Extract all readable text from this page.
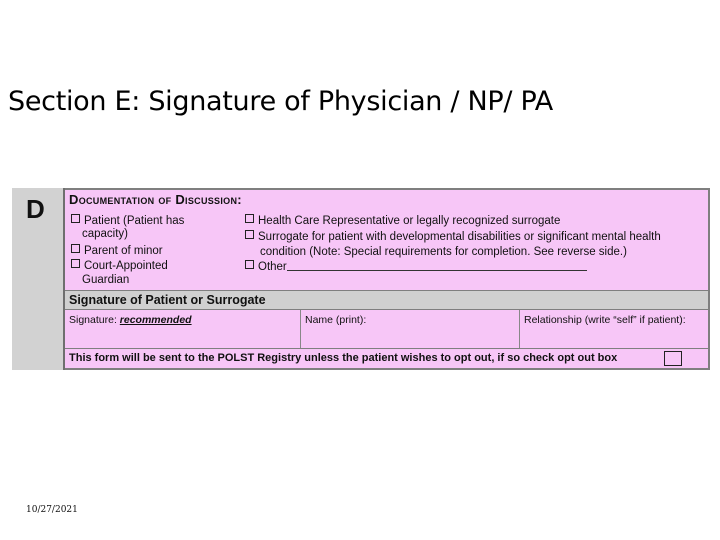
Section E: Signature of Physician / NP/ PA
D Documentation of Discussion:
Patient (Patient has
capacity)
Parent of minor
Court-Appointed
Guardian
Health Care Representative or legally recognized surrogate
Surrogate for patient with developmental disabilities or significant mental health
condition (Note: Special requirements for completion. See reverse side.)
Other
Signature of Patient or Surrogate
Signature: recommended	Name (print):	Relationship (write “self” if patient):
This form will be sent to the POLST Registry unless the patient wishes to opt out, if so check opt out box
10/27/2021
